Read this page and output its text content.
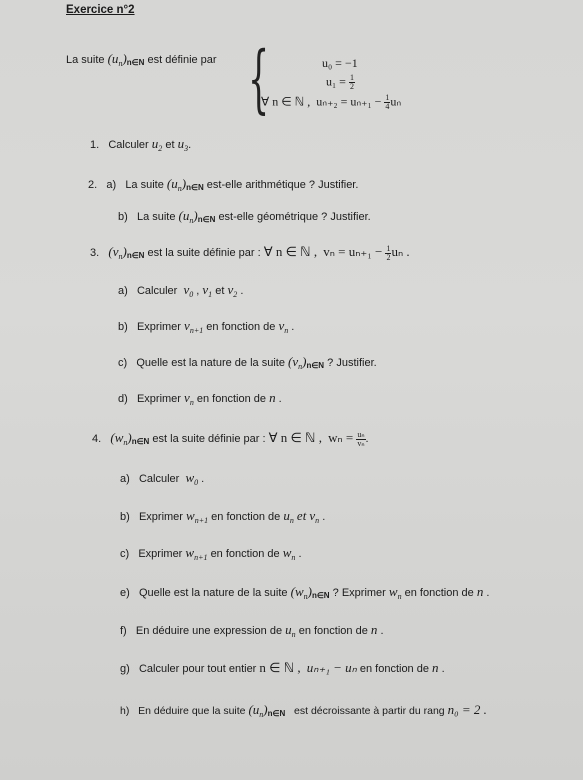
Exercice n°2
La suite $(u_n)n\in N$ est définie par {	u₀ = −1
$u_1 = \frac{1}{2}$
∀ n ∈ ℕ , $u_{n+2} = u_{n+1} - \frac{1}{4}$ uₙ
1. Calculer $u_2$ et $u_3$.
2. a) La suite $(u_n)n\in N$ est-elle arithmétique ? Justifier.
b) La suite $(u_n)n\in N$ est-elle géométrique ? Justifier.
3. $(v_n)n\in N$ est la suite définie par : ∀ n ∈ ℕ , $v_n = u_{n+1} - \frac{1}{2}$ uₙ .
a) Calculer $v_0$ , $v_1$ et $v_2$ .
b) Exprimer $v_{n+1}$ en fonction de $v_n$ .
c) Quelle est la nature de la suite $(v_n)n\in N$ ? Justifier.
d) Exprimer $v_n$ en fonction de n .
4. $(w_n)n\in N$ est la suite définie par : ∀ n ∈ ℕ , $w_n = \frac{\text{uₙ}}{\text{vₙ}}$ .
a) Calculer $w_0$ .
b) Exprimer $w_{n+1}$ en fonction de $u_n$ et $v_n$ .
c) Exprimer $w_{n+1}$ en fonction de $w_n$ .
e) Quelle est la nature de la suite $(w_n)n\in N$ ? Exprimer $w_n$ en fonction de n .
f) En déduire une expression de $u_n$ en fonction de n .
g) Calculer pour tout entier n ∈ ℕ , uₙ₊₁ − uₙ en fonction de n .
h) En déduire que la suite $(u_n)n\in N$ est décroissante à partir du rang n₀ = 2 .
